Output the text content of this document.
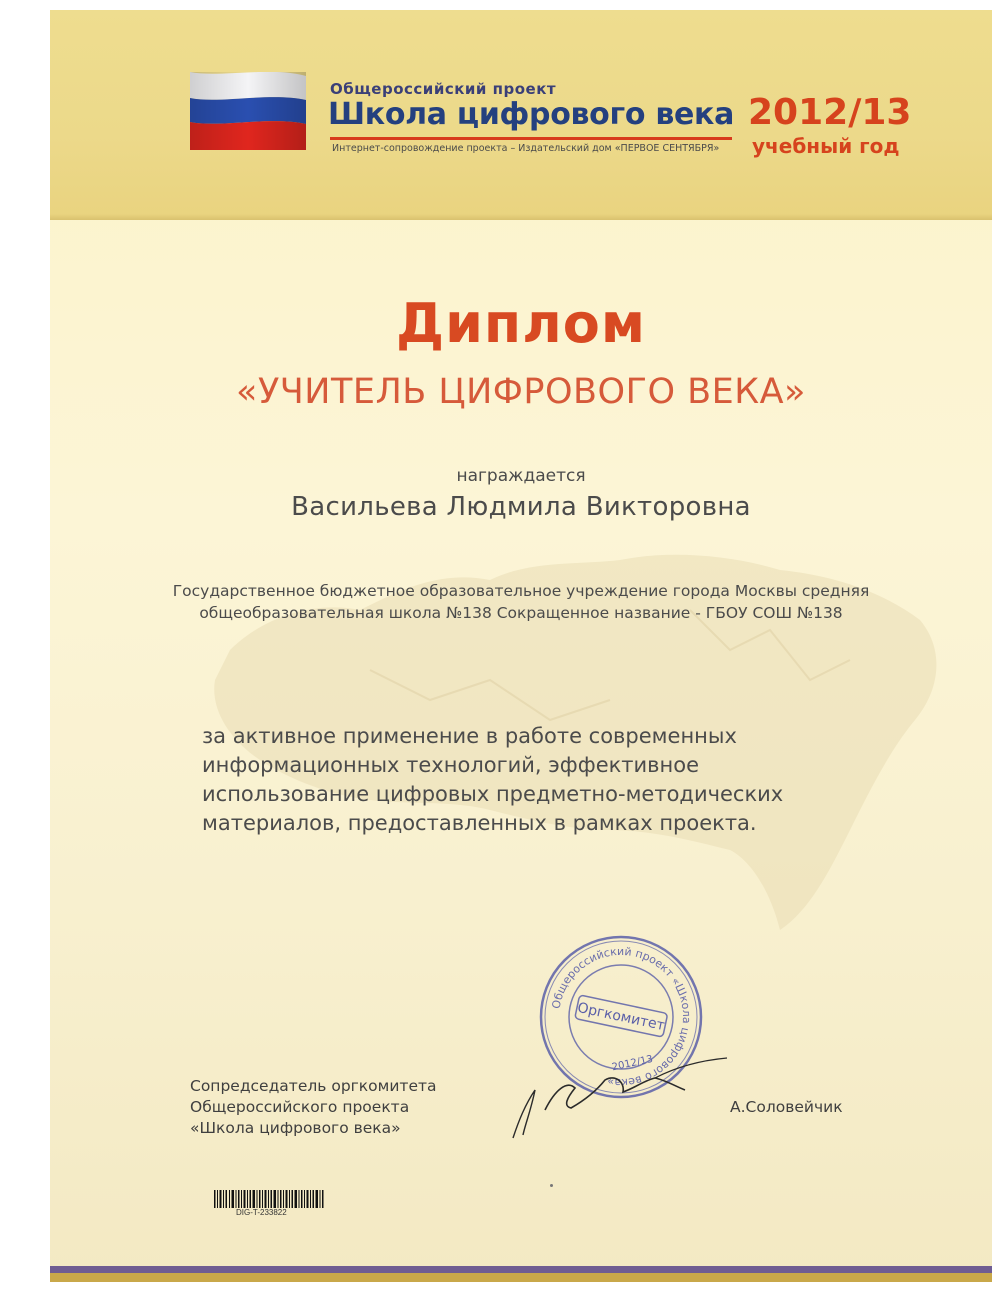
Общероссийский проект
Школа цифрового века
Интернет-сопровождение проекта – Издательский дом «ПЕРВОЕ СЕНТЯБРЯ»
2012/13
учебный год
Диплом
«УЧИТЕЛЬ ЦИФРОВОГО ВЕКА»
награждается
Васильева Людмила Викторовна
Государственное бюджетное образовательное учреждение города Москвы средняя
общеобразовательная школа №138 Сокращенное название - ГБОУ СОШ №138
за активное применение в работе современных
информационных технологий, эффективное
использование цифровых предметно-методических
материалов, предоставленных в рамках проекта.
Сопредседатель оргкомитета
Общероссийского проекта
«Школа цифрового века»
Общероссийский проект «Школа цифрового века»
Оргкомитет
2012/13
А.Соловейчик
DIG-T-233822
